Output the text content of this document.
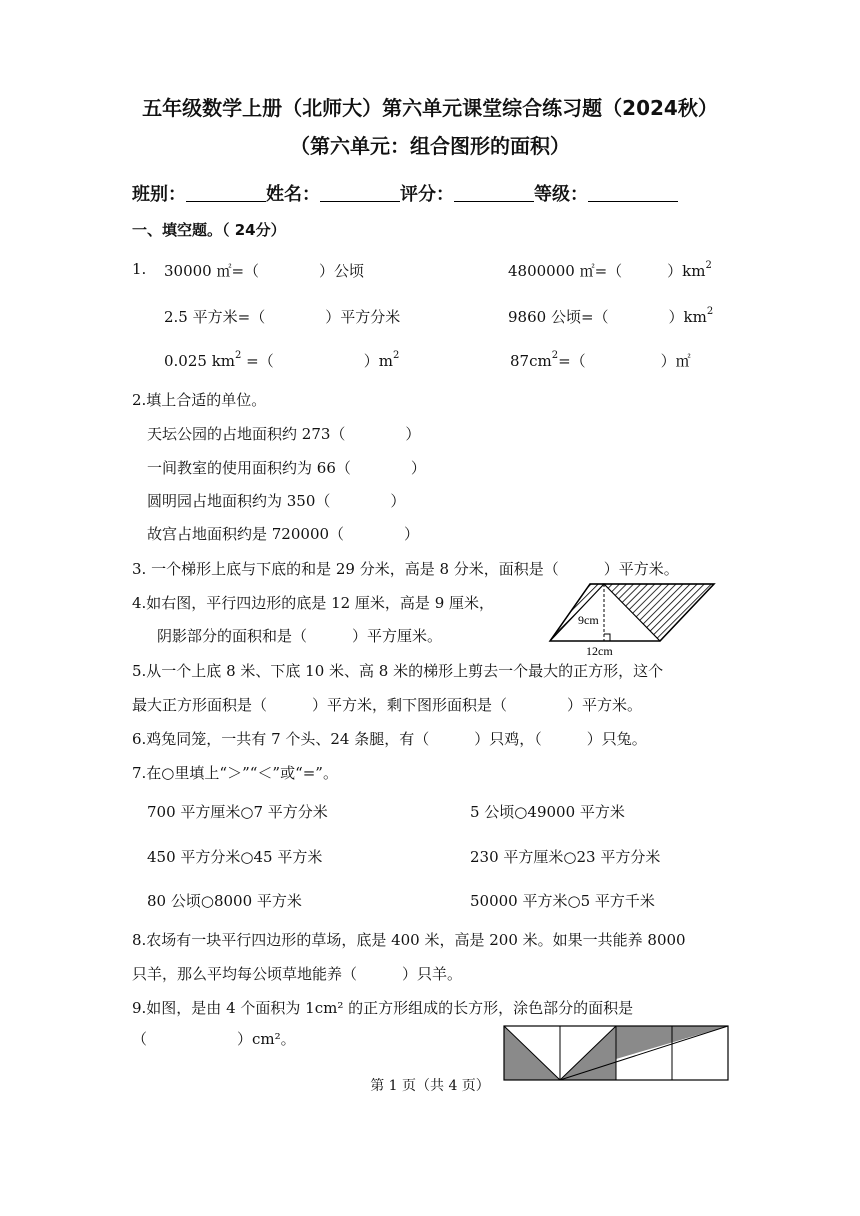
五年级数学上册（北师大）第六单元课堂综合练习题（2024秋）
（第六单元：组合图形的面积）
班别：	姓名：	评分：	等级：
一、填空题。（ 24分）
1. 30000 ㎡=（　　　　）公顷	4800000 ㎡=（　　　）$km^2$
2.5 平方米=（　　　　）平方分米	9860 公顷=（　　　　）$km^2$
0.025 $km^2$ =（　　　　　　）$m^2$	$87cm^2=$（　　　　　）㎡
2.填上合适的单位。
天坛公园的占地面积约 273（　　　　）
一间教室的使用面积约为 66（　　　　）
圆明园占地面积约为 350（　　　　）
故宫占地面积约是 720000（　　　　）
3. 一个梯形上底与下底的和是 29 分米，高是 8 分米，面积是（　　　）平方米。
4.如右图，平行四边形的底是 12 厘米，高是 9 厘米，
阴影部分的面积和是（　　　）平方厘米。
9cm
12cm
5.从一个上底 8 米、下底 10 米、高 8 米的梯形上剪去一个最大的正方形，这个
最大正方形面积是（　　　）平方米，剩下图形面积是（　　　　）平方米。
6.鸡兔同笼，一共有 7 个头、24 条腿，有（　　　）只鸡，（　　　）只兔。
7.在○里填上“＞”“＜”或“=”。
700 平方厘米○7 平方分米	5 公顷○49000 平方米
450 平方分米○45 平方米	230 平方厘米○23 平方分米
80 公顷○8000 平方米	50000 平方米○5 平方千米
8.农场有一块平行四边形的草场，底是 400 米，高是 200 米。如果一共能养 8000
只羊，那么平均每公顷草地能养（　　　）只羊。
9.如图，是由 4 个面积为 1cm² 的正方形组成的长方形，涂色部分的面积是
（　　　　　　）cm²。
第 1 页（共 4 页）
